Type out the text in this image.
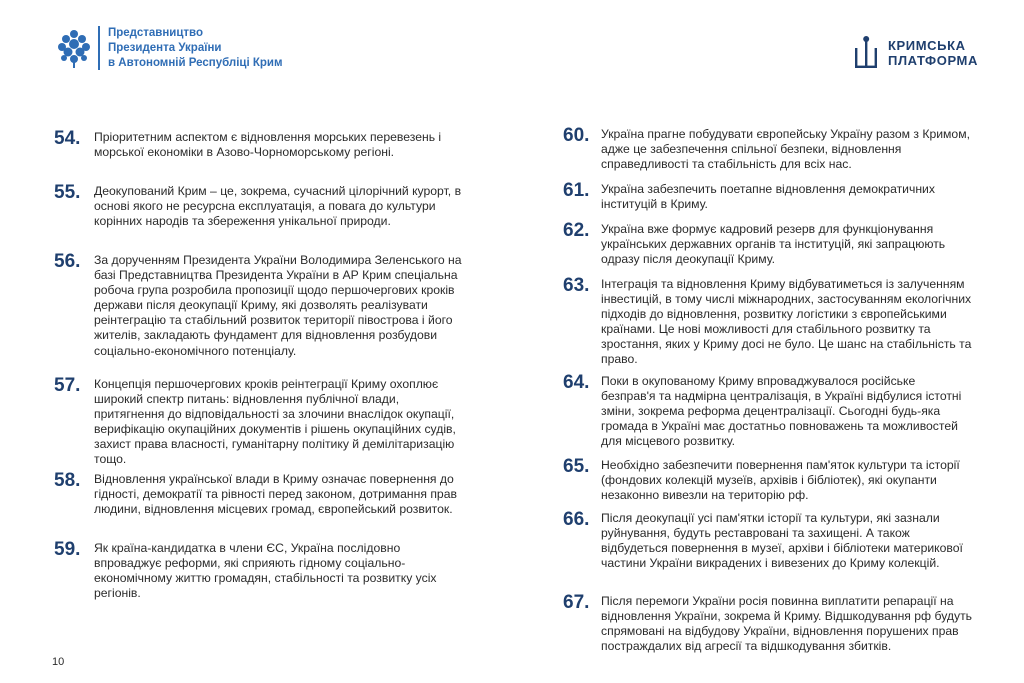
Представництво
Президента України
в Автономній Республіці Крим
КРИМСЬКА
ПЛАТФОРМА
54.	Пріоритетним аспектом є відновлення морських перевезень і морської економіки в Азово-Чорноморському регіоні.
55.	Деокупований Крим – це, зокрема, сучасний цілорічний курорт, в основі якого не ресурсна експлуатація, а повага до культури корінних народів та збереження унікальної природи.
56.	За дорученням Президента України Володимира Зеленського на базі Представництва Президента України в АР Крим спеціальна робоча група розробила пропозиції щодо першочергових кроків держави після деокупації Криму, які дозволять реалізувати реінтеграцію та стабільний розвиток території півострова і його жителів, закладають фундамент для відновлення розбудови соціально-економічного потенціалу.
57.	Концепція першочергових кроків реінтеграції Криму охоплює широкий спектр питань: відновлення публічної влади, притягнення до відповідальності за злочини внаслідок окупації, верифікацію окупаційних документів і рішень окупаційних судів, захист права власності, гуманітарну політику й демілітаризацію тощо.
58.	Відновлення української влади в Криму означає повернення до гідності, демократії та рівності перед законом, дотримання прав людини, відновлення місцевих громад, європейський розвиток.
59.	Як країна-кандидатка в члени ЄС, Україна послідовно впроваджує реформи, які сприяють гідному соціально-економічному життю громадян, стабільності та розвитку усіх регіонів.
60. Україна прагне побудувати європейську Україну разом з Кримом, адже це забезпечення спільної безпеки, відновлення справедливості та стабільність для всіх нас.
61. Україна забезпечить поетапне відновлення демократичних інституцій в Криму.
62. Україна вже формує кадровий резерв для функціонування українських державних органів та інституцій, які запрацюють одразу після деокупації Криму.
63. Інтеграція та відновлення Криму відбуватиметься із залученням інвестицій, в тому числі міжнародних, застосуванням екологічних підходів до відновлення, розвитку логістики з європейськими країнами. Це нові можливості для стабільного розвитку та зростання, яких у Криму досі не було. Це шанс на стабільність та право.
64. Поки в окупованому Криму впроваджувалося російське безправ'я та надмірна централізація, в Україні відбулися істотні зміни, зокрема реформа децентралізації. Сьогодні будь-яка громада в Україні має достатньо повноважень та можливостей для місцевого розвитку.
65. Необхідно забезпечити повернення пам'яток культури та історії (фондових колекцій музеїв, архівів і бібліотек), які окупанти незаконно вивезли на територію рф.
66. Після деокупації усі пам'ятки історії та культури, які зазнали руйнування, будуть реставровані та захищені. А також відбудеться повернення в музеї, архіви і бібліотеки материкової частини України викрадених і вивезених до Криму колекцій.
67. Після перемоги України росія повинна виплатити репарації на відновлення України, зокрема й Криму. Відшкодування рф будуть спрямовані на відбудову України, відновлення порушених прав постраждалих від агресії та відшкодування збитків.
10
